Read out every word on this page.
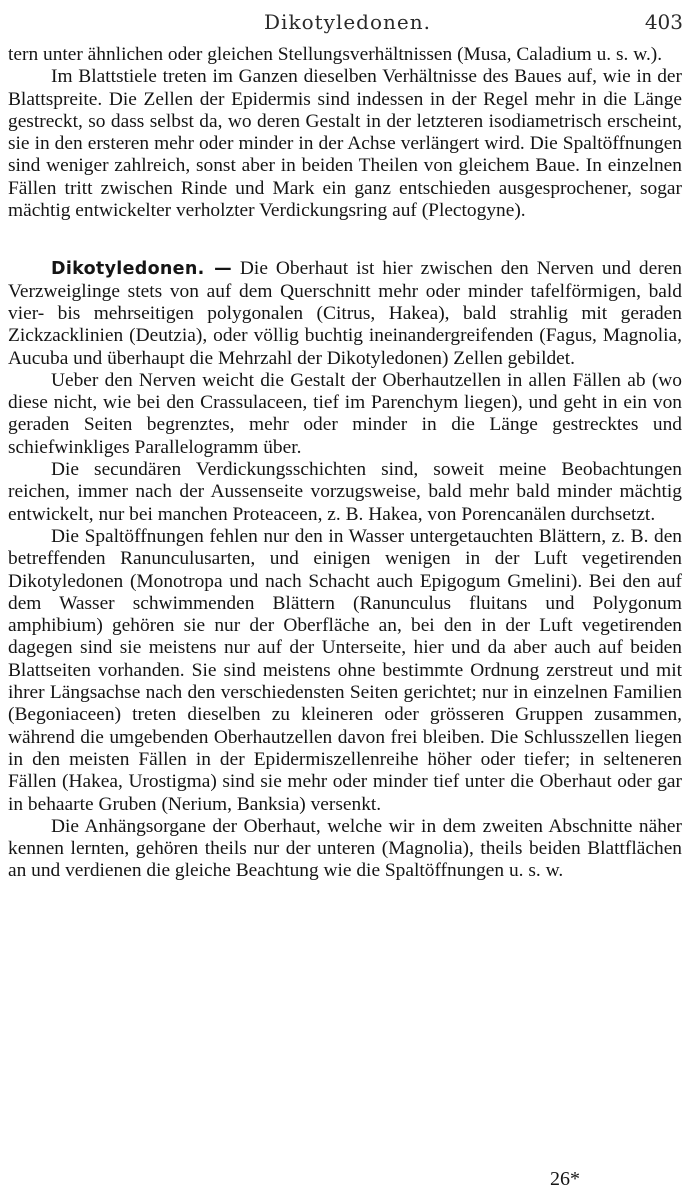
Dikotyledonen.	403

tern unter ähnlichen oder gleichen Stellungsverhältnissen (Musa, Caladium u. s. w.).

Im Blattstiele treten im Ganzen dieselben Verhältnisse des Baues auf, wie in der Blattspreite. Die Zellen der Epidermis sind indessen in der Regel mehr in die Länge gestreckt, so dass selbst da, wo deren Gestalt in der letzteren isodiametrisch erscheint, sie in den ersteren mehr oder minder in der Achse verlängert wird. Die Spaltöffnungen sind weniger zahlreich, sonst aber in beiden Theilen von gleichem Baue. In einzelnen Fällen tritt zwischen Rinde und Mark ein ganz entschieden ausgesprochener, sogar mächtig entwickelter verholzter Verdickungsring auf (Plectogyne).

Dikotyledonen. — Die Oberhaut ist hier zwischen den Nerven und deren Verzweiglinge stets von auf dem Querschnitt mehr oder minder tafelförmigen, bald vier- bis mehrseitigen polygonalen (Citrus, Hakea), bald strahlig mit geraden Zickzacklinien (Deutzia), oder völlig buchtig ineinandergreifenden (Fagus, Magnolia, Aucuba und überhaupt die Mehrzahl der Dikotyledonen) Zellen gebildet.

Ueber den Nerven weicht die Gestalt der Oberhautzellen in allen Fällen ab (wo diese nicht, wie bei den Crassulaceen, tief im Parenchym liegen), und geht in ein von geraden Seiten begrenztes, mehr oder minder in die Länge gestrecktes und schiefwinkliges Parallelogramm über.

Die secundären Verdickungsschichten sind, soweit meine Beobachtungen reichen, immer nach der Aussenseite vorzugsweise, bald mehr bald minder mächtig entwickelt, nur bei manchen Proteaceen, z. B. Hakea, von Porencanälen durchsetzt.

Die Spaltöffnungen fehlen nur den in Wasser untergetauchten Blättern, z. B. den betreffenden Ranunculusarten, und einigen wenigen in der Luft vegetirenden Dikotyledonen (Monotropa und nach Schacht auch Epigogum Gmelini). Bei den auf dem Wasser schwimmenden Blättern (Ranunculus fluitans und Polygonum amphibium) gehören sie nur der Oberfläche an, bei den in der Luft vegetirenden dagegen sind sie meistens nur auf der Unterseite, hier und da aber auch auf beiden Blattseiten vorhanden. Sie sind meistens ohne bestimmte Ordnung zerstreut und mit ihrer Längsachse nach den verschiedensten Seiten gerichtet; nur in einzelnen Familien (Begoniaceen) treten dieselben zu kleineren oder grösseren Gruppen zusammen, während die umgebenden Oberhautzellen davon frei bleiben. Die Schlusszellen liegen in den meisten Fällen in der Epidermiszellenreihe höher oder tiefer; in selteneren Fällen (Hakea, Urostigma) sind sie mehr oder minder tief unter die Oberhaut oder gar in behaarte Gruben (Nerium, Banksia) versenkt.

Die Anhängsorgane der Oberhaut, welche wir in dem zweiten Abschnitte näher kennen lernten, gehören theils nur der unteren (Magnolia), theils beiden Blattflächen an und verdienen die gleiche Beachtung wie die Spaltöffnungen u. s. w.

26*
